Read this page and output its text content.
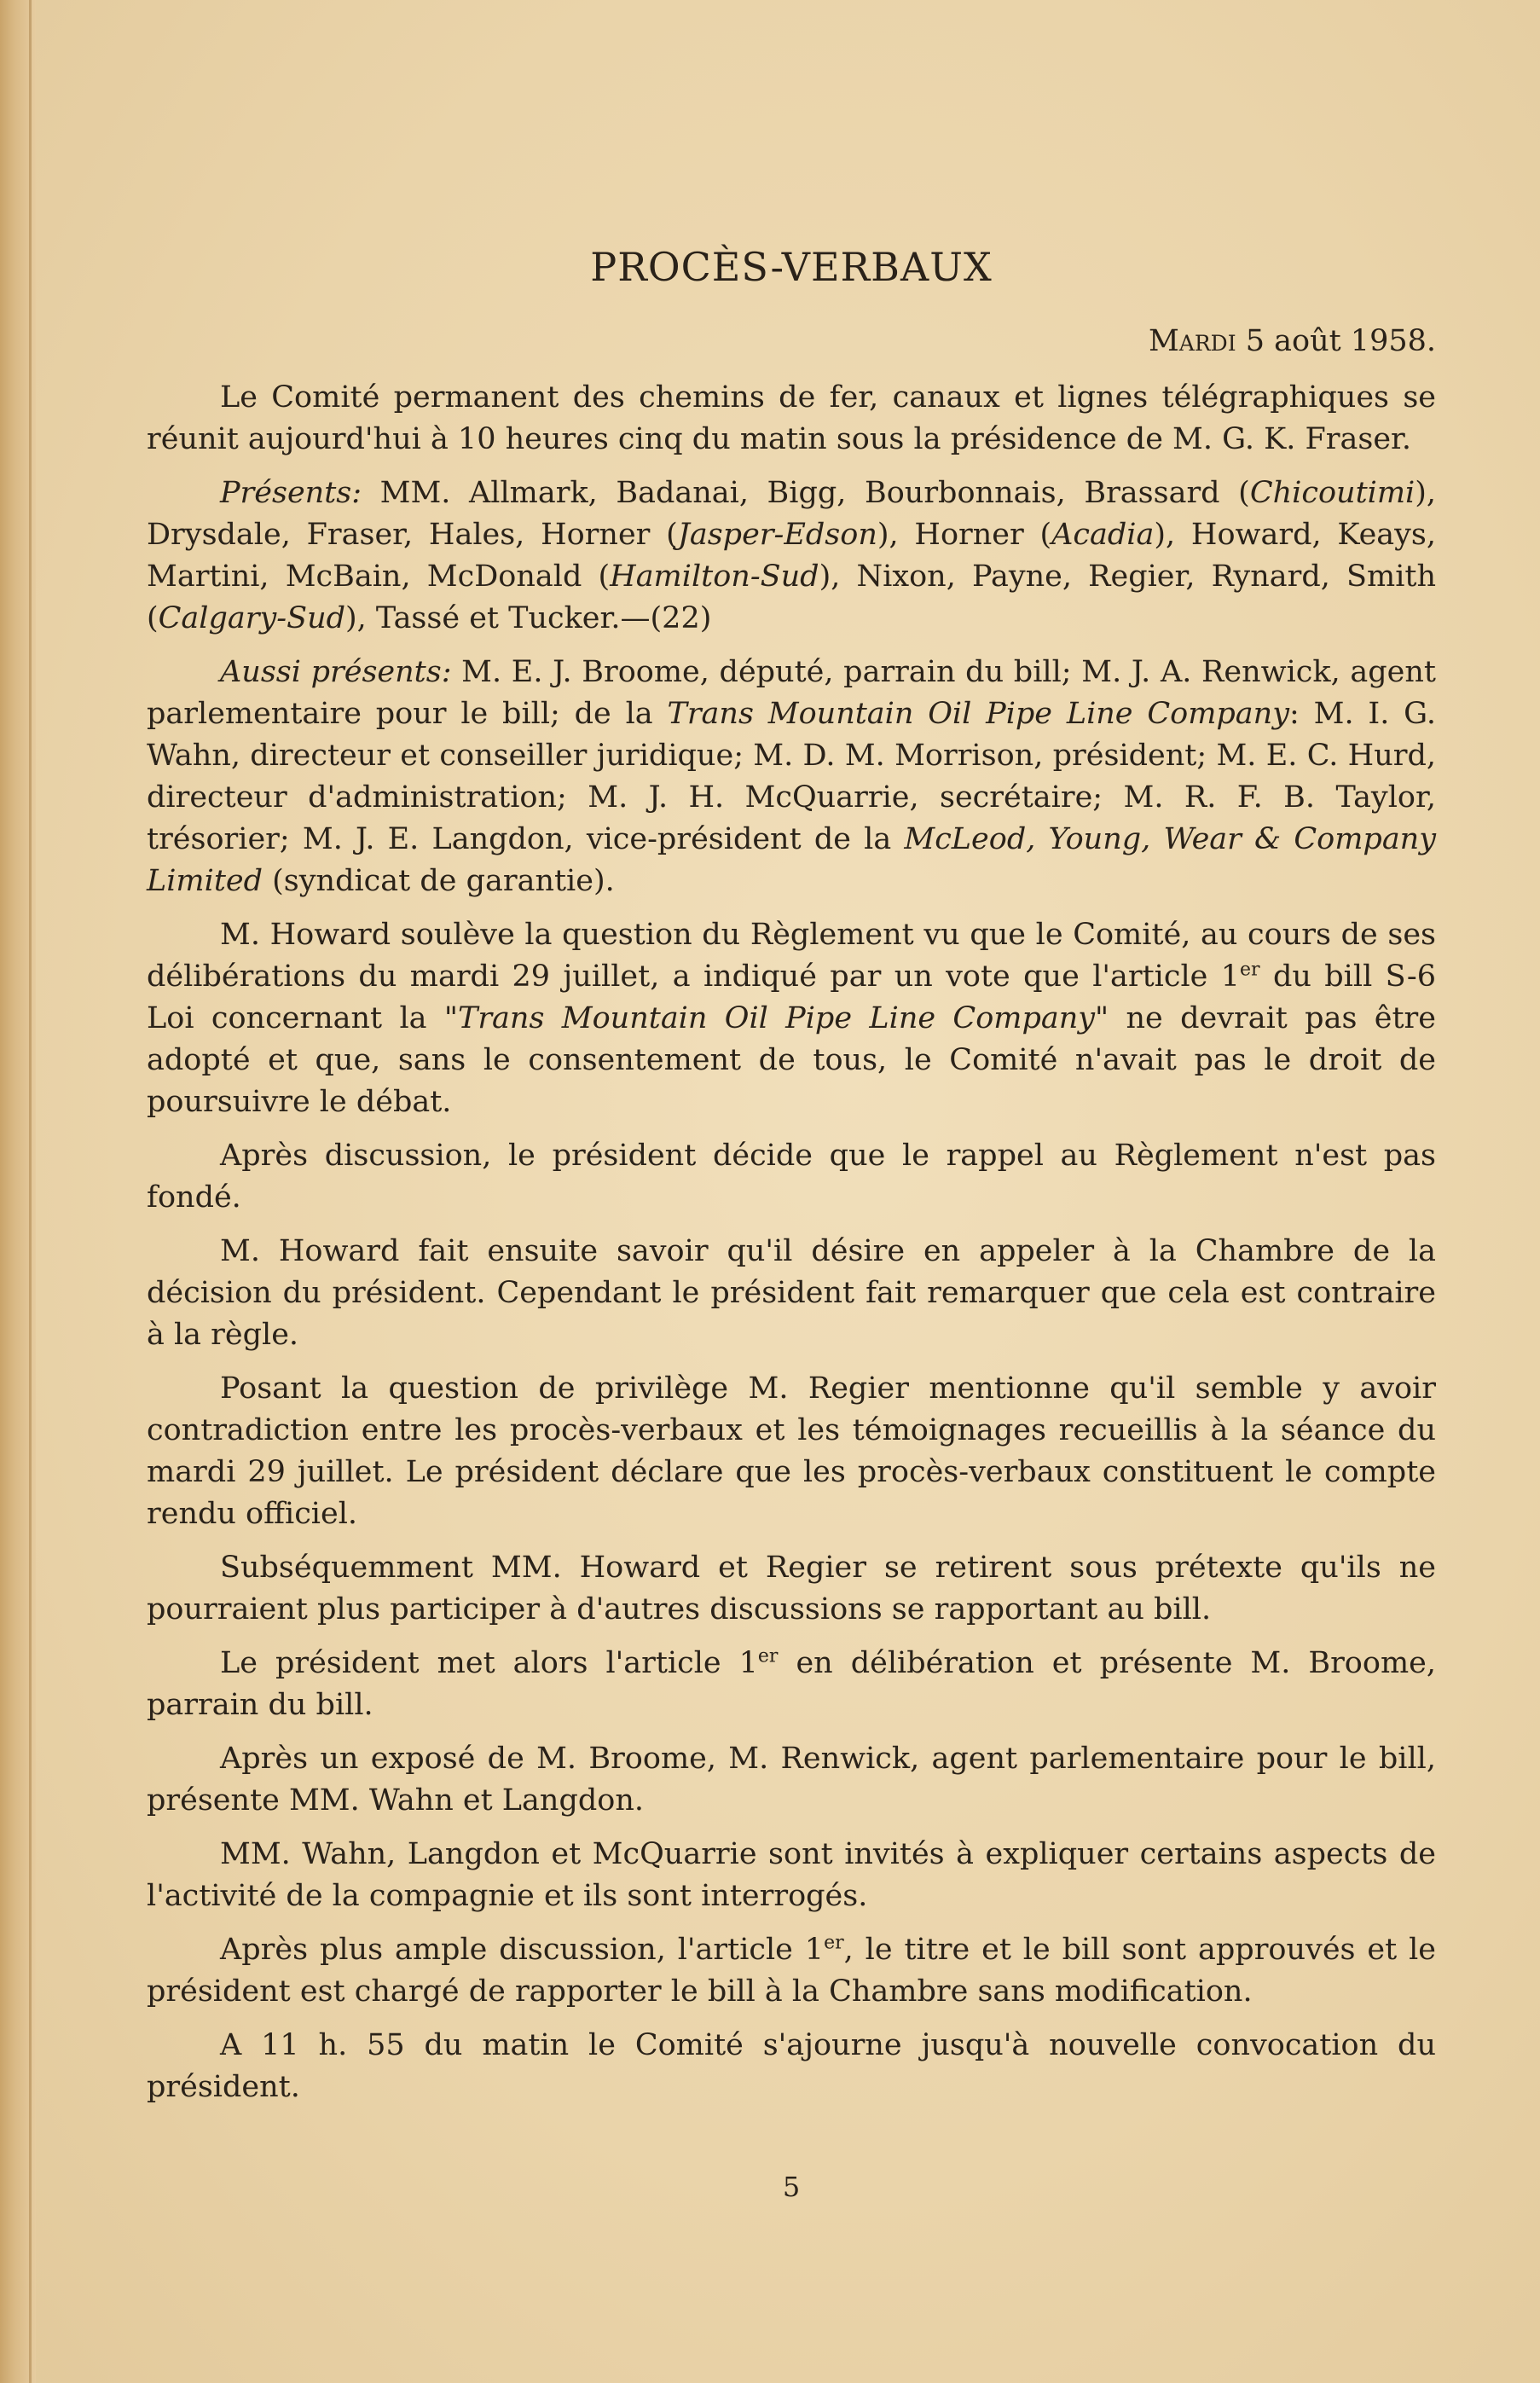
PROCÈS-VERBAUX
Mardi 5 août 1958.

Le Comité permanent des chemins de fer, canaux et lignes télégraphiques se réunit aujourd'hui à 10 heures cinq du matin sous la présidence de M. G. K. Fraser.

Présents: MM. Allmark, Badanai, Bigg, Bourbonnais, Brassard (Chicoutimi), Drysdale, Fraser, Hales, Horner (Jasper-Edson), Horner (Acadia), Howard, Keays, Martini, McBain, McDonald (Hamilton-Sud), Nixon, Payne, Regier, Rynard, Smith (Calgary-Sud), Tassé et Tucker.—(22)

Aussi présents: M. E. J. Broome, député, parrain du bill; M. J. A. Renwick, agent parlementaire pour le bill; de la Trans Mountain Oil Pipe Line Company: M. I. G. Wahn, directeur et conseiller juridique; M. D. M. Morrison, président; M. E. C. Hurd, directeur d'administration; M. J. H. McQuarrie, secrétaire; M. R. F. B. Taylor, trésorier; M. J. E. Langdon, vice-président de la McLeod, Young, Wear & Company Limited (syndicat de garantie).

M. Howard soulève la question du Règlement vu que le Comité, au cours de ses délibérations du mardi 29 juillet, a indiqué par un vote que l'article 1er du bill S-6 Loi concernant la "Trans Mountain Oil Pipe Line Company" ne devrait pas être adopté et que, sans le consentement de tous, le Comité n'avait pas le droit de poursuivre le débat.

Après discussion, le président décide que le rappel au Règlement n'est pas fondé.

M. Howard fait ensuite savoir qu'il désire en appeler à la Chambre de la décision du président. Cependant le président fait remarquer que cela est contraire à la règle.

Posant la question de privilège M. Regier mentionne qu'il semble y avoir contradiction entre les procès-verbaux et les témoignages recueillis à la séance du mardi 29 juillet. Le président déclare que les procès-verbaux constituent le compte rendu officiel.

Subséquemment MM. Howard et Regier se retirent sous prétexte qu'ils ne pourraient plus participer à d'autres discussions se rapportant au bill.

Le président met alors l'article 1er en délibération et présente M. Broome, parrain du bill.

Après un exposé de M. Broome, M. Renwick, agent parlementaire pour le bill, présente MM. Wahn et Langdon.

MM. Wahn, Langdon et McQuarrie sont invités à expliquer certains aspects de l'activité de la compagnie et ils sont interrogés.

Après plus ample discussion, l'article 1er, le titre et le bill sont approuvés et le président est chargé de rapporter le bill à la Chambre sans modification.

A 11 h. 55 du matin le Comité s'ajourne jusqu'à nouvelle convocation du président.

5
